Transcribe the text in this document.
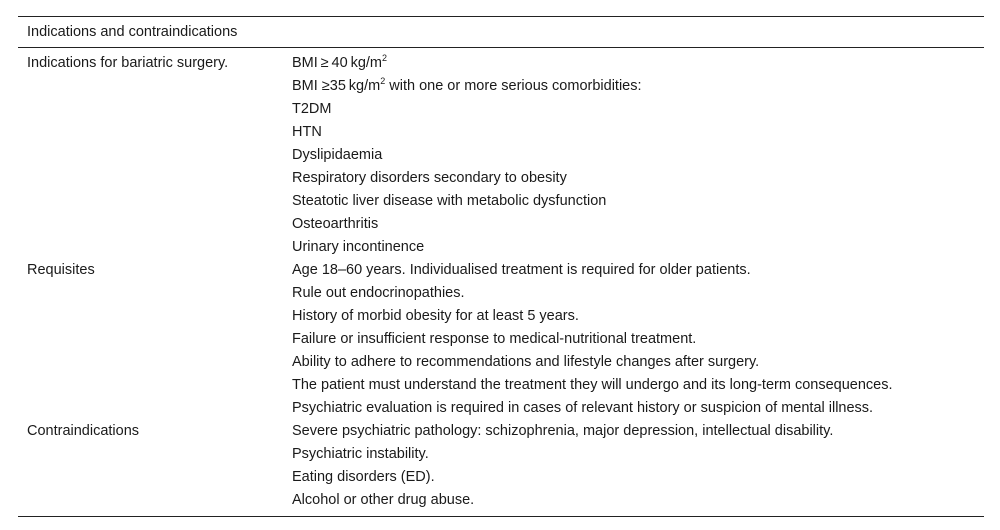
Indications and contraindications
Indications for bariatric surgery.	BMI ≥ 40 $kg/m^2$
BMI ≥35 $kg/m^2$ with one or more serious comorbidities:
T2DM
HTN
Dyslipidaemia
Respiratory disorders secondary to obesity
Steatotic liver disease with metabolic dysfunction
Osteoarthritis
Urinary incontinence
Requisites	Age 18–60 years. Individualised treatment is required for older patients.
Rule out endocrinopathies.
History of morbid obesity for at least 5 years.
Failure or insufficient response to medical-nutritional treatment.
Ability to adhere to recommendations and lifestyle changes after surgery.
The patient must understand the treatment they will undergo and its long-term consequences.
Psychiatric evaluation is required in cases of relevant history or suspicion of mental illness.
Contraindications	Severe psychiatric pathology: schizophrenia, major depression, intellectual disability.
Psychiatric instability.
Eating disorders (ED).
Alcohol or other drug abuse.
